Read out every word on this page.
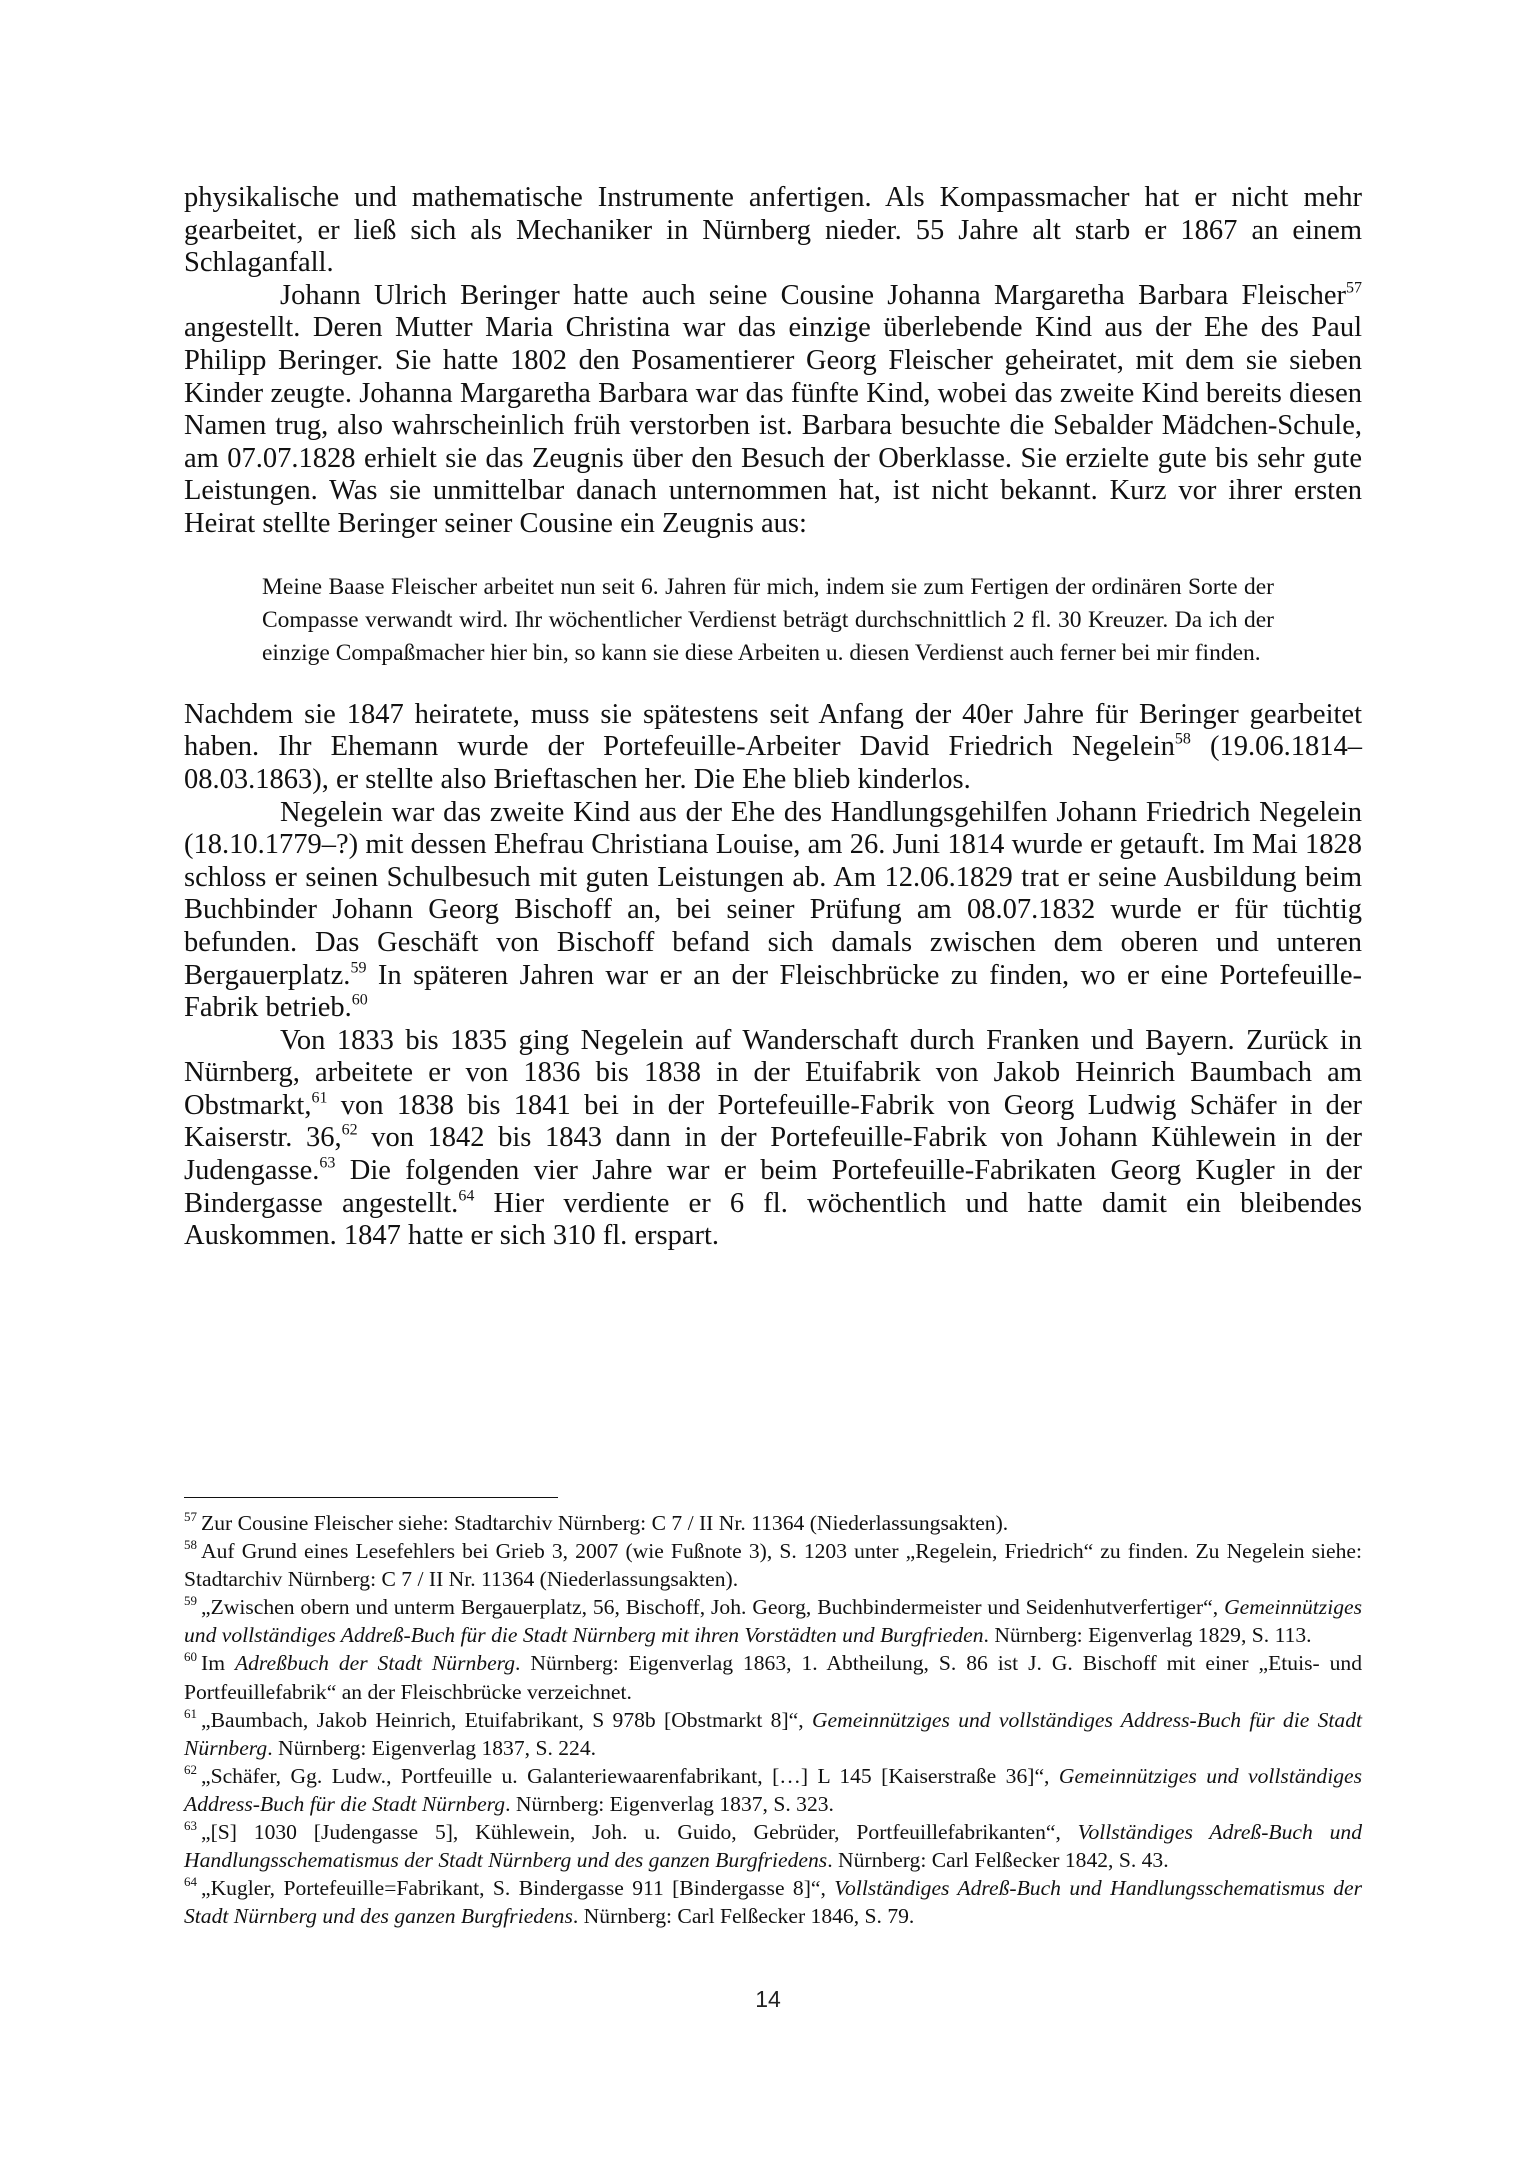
physikalische und mathematische Instrumente anfertigen. Als Kompassmacher hat er nicht mehr gearbeitet, er ließ sich als Mechaniker in Nürnberg nieder. 55 Jahre alt starb er 1867 an einem Schlaganfall.

Johann Ulrich Beringer hatte auch seine Cousine Johanna Margaretha Barbara Fleischer$^{57}$ angestellt. Deren Mutter Maria Christina war das einzige überlebende Kind aus der Ehe des Paul Philipp Beringer. Sie hatte 1802 den Posamentierer Georg Fleischer geheiratet, mit dem sie sieben Kinder zeugte. Johanna Margaretha Barbara war das fünfte Kind, wobei das zweite Kind bereits diesen Namen trug, also wahrscheinlich früh verstorben ist. Barbara besuchte die Sebalder Mädchen-Schule, am 07.07.1828 erhielt sie das Zeugnis über den Besuch der Oberklasse. Sie erzielte gute bis sehr gute Leistungen. Was sie unmittelbar danach unternommen hat, ist nicht bekannt. Kurz vor ihrer ersten Heirat stellte Beringer seiner Cousine ein Zeugnis aus:

Meine Baase Fleischer arbeitet nun seit 6. Jahren für mich, indem sie zum Fertigen der ordinären Sorte der Compasse verwandt wird. Ihr wöchentlicher Verdienst beträgt durchschnittlich 2 fl. 30 Kreuzer. Da ich der einzige Compaßmacher hier bin, so kann sie diese Arbeiten u. diesen Verdienst auch ferner bei mir finden.

Nachdem sie 1847 heiratete, muss sie spätestens seit Anfang der 40er Jahre für Beringer gearbeitet haben. Ihr Ehemann wurde der Portefeuille-Arbeiter David Friedrich Negelein$^{58}$ (19.06.1814–08.03.1863), er stellte also Brieftaschen her. Die Ehe blieb kinderlos.

Negelein war das zweite Kind aus der Ehe des Handlungsgehilfen Johann Friedrich Negelein (18.10.1779–?) mit dessen Ehefrau Christiana Louise, am 26. Juni 1814 wurde er getauft. Im Mai 1828 schloss er seinen Schulbesuch mit guten Leistungen ab. Am 12.06.1829 trat er seine Ausbildung beim Buchbinder Johann Georg Bischoff an, bei seiner Prüfung am 08.07.1832 wurde er für tüchtig befunden. Das Geschäft von Bischoff befand sich damals zwischen dem oberen und unteren Bergauerplatz.$^{59}$ In späteren Jahren war er an der Fleischbrücke zu finden, wo er eine Portefeuille-Fabrik betrieb.$^{60}$

Von 1833 bis 1835 ging Negelein auf Wanderschaft durch Franken und Bayern. Zurück in Nürnberg, arbeitete er von 1836 bis 1838 in der Etuifabrik von Jakob Heinrich Baumbach am Obstmarkt,$^{61}$ von 1838 bis 1841 bei in der Portefeuille-Fabrik von Georg Ludwig Schäfer in der Kaiserstr. 36,62 von 1842 bis 1843 dann in der Portefeuille-Fabrik von Johann Kühlewein in der Judengasse.$^{63}$ Die folgenden vier Jahre war er beim Portefeuille-Fabrikaten Georg Kugler in der Bindergasse angestellt.$^{64}$ Hier verdiente er 6 fl. wöchentlich und hatte damit ein bleibendes Auskommen. 1847 hatte er sich 310 fl. erspart.

$^{57}$ Zur Cousine Fleischer siehe: Stadtarchiv Nürnberg: C 7 / II Nr. 11364 (Niederlassungsakten).

$^{58}$ Auf Grund eines Lesefehlers bei Grieb 3, 2007 (wie Fußnote 3), S. 1203 unter „Regelein, Friedrich“ zu finden. Zu Negelein siehe: Stadtarchiv Nürnberg: C 7 / II Nr. 11364 (Niederlassungsakten).

$^{59}$ „Zwischen obern und unterm Bergauerplatz, 56, Bischoff, Joh. Georg, Buchbindermeister und Seidenhutverfertiger“, Gemeinnütziges und vollständiges Addreß-Buch für die Stadt Nürnberg mit ihren Vorstädten und Burgfrieden. Nürnberg: Eigenverlag 1829, S. 113.

$^{60}$ Im Adreßbuch der Stadt Nürnberg. Nürnberg: Eigenverlag 1863, 1. Abtheilung, S. 86 ist J. G. Bischoff mit einer „Etuis- und Portfeuillefabrik“ an der Fleischbrücke verzeichnet.

$^{61}$ „Baumbach, Jakob Heinrich, Etuifabrikant, S 978b [Obstmarkt 8]“, Gemeinnütziges und vollständiges Address-Buch für die Stadt Nürnberg. Nürnberg: Eigenverlag 1837, S. 224.

$^{62}$ „Schäfer, Gg. Ludw., Portfeuille u. Galanteriewaarenfabrikant, […] L 145 [Kaiserstraße 36]“, Gemeinnütziges und vollständiges Address-Buch für die Stadt Nürnberg. Nürnberg: Eigenverlag 1837, S. 323.

$^{63}$ „[S] 1030 [Judengasse 5], Kühlewein, Joh. u. Guido, Gebrüder, Portfeuillefabrikanten“, Vollständiges Adreß-Buch und Handlungsschematismus der Stadt Nürnberg und des ganzen Burgfriedens. Nürnberg: Carl Felßecker 1842, S. 43.

$^{64}$ „Kugler, Portefeuille=Fabrikant, S. Bindergasse 911 [Bindergasse 8]“, Vollständiges Adreß-Buch und Handlungsschematismus der Stadt Nürnberg und des ganzen Burgfriedens. Nürnberg: Carl Felßecker 1846, S. 79.

14
